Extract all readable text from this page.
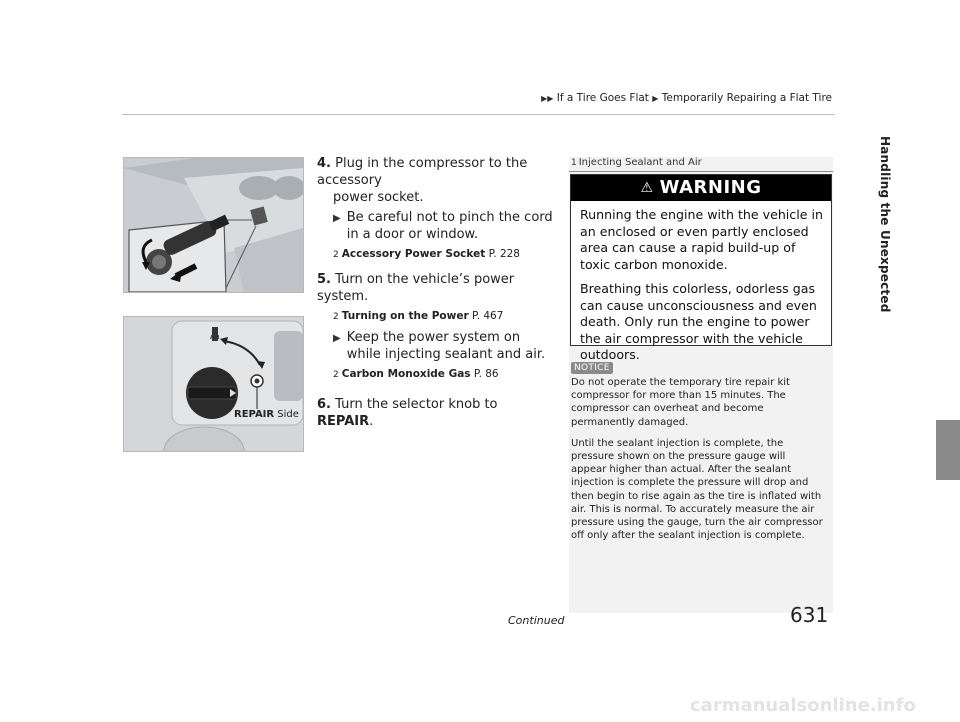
▶▶ If a Tire Goes Flat ▶ Temporarily Repairing a Flat Tire
Handling the Unexpected
AIR
REPAIR Side
4. Plug in the compressor to the accessory
power socket.
▶ Be careful not to pinch the cord in a door or window.
2 Accessory Power Socket P. 228
5. Turn on the vehicle’s power system.
2 Turning on the Power P. 467
▶ Keep the power system on while injecting sealant and air.
2 Carbon Monoxide Gas P. 86
6. Turn the selector knob to REPAIR.
1 Injecting Sealant and Air
⚠ WARNING

Running the engine with the vehicle in an enclosed or even partly enclosed area can cause a rapid build-up of toxic carbon monoxide.

Breathing this colorless, odorless gas can cause unconsciousness and even death. Only run the engine to power the air compressor with the vehicle outdoors.

NOTICE

Do not operate the temporary tire repair kit compressor for more than 15 minutes. The compressor can overheat and become permanently damaged.

Until the sealant injection is complete, the pressure shown on the pressure gauge will appear higher than actual. After the sealant injection is complete the pressure will drop and then begin to rise again as the tire is inflated with air. This is normal. To accurately measure the air pressure using the gauge, turn the air compressor off only after the sealant injection is complete.

Continued	631
carmanualsonline.info
